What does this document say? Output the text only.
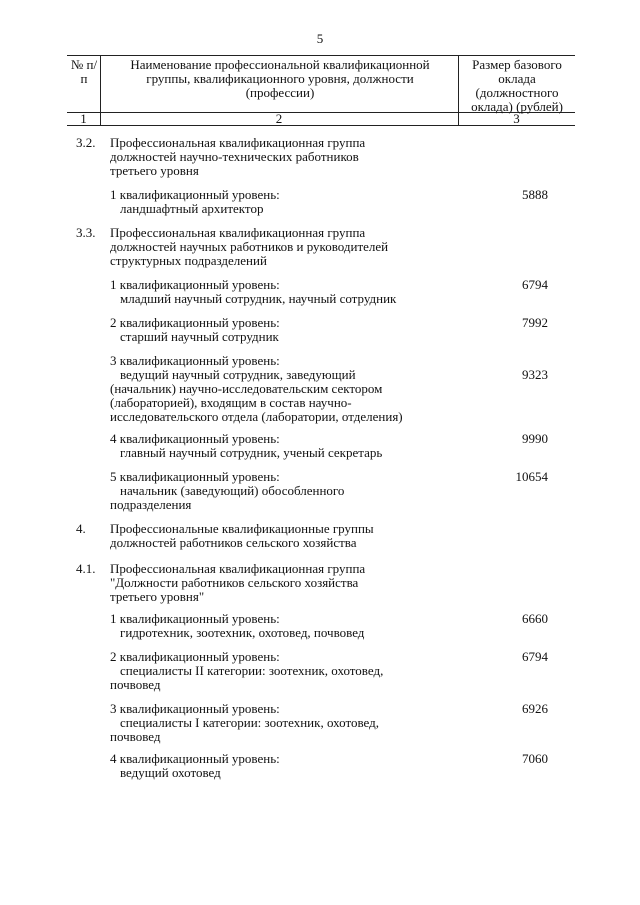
5
№ п/п
Наименование профессиональной квалификационной группы, квалификационного уровня, должности (профессии)
Размер базового оклада (должностного оклада) (рублей)
1	2	3
3.2. Профессиональная квалификационная группа
должностей научно-технических работников
третьего уровня
1 квалификационный уровень:
ландшафтный архитектор
5888
3.3. Профессиональная квалификационная группа
должностей научных работников и руководителей
структурных подразделений
1 квалификационный уровень:
младший научный сотрудник, научный сотрудник
6794
2 квалификационный уровень:
старший научный сотрудник
7992
3 квалификационный уровень:
ведущий научный сотрудник, заведующий
(начальник) научно-исследовательским сектором
(лабораторией), входящим в состав научно-
исследовательского отдела (лаборатории, отделения)
9323
4 квалификационный уровень:
главный научный сотрудник, ученый секретарь
9990
5 квалификационный уровень:
начальник (заведующий) обособленного
подразделения
10654
4. Профессиональные квалификационные группы
должностей работников сельского хозяйства
4.1. Профессиональная квалификационная группа
"Должности работников сельского хозяйства
третьего уровня"
1 квалификационный уровень:
гидротехник, зоотехник, охотовед, почвовед
6660
2 квалификационный уровень:
специалисты II категории: зоотехник, охотовед,
почвовед
6794
3 квалификационный уровень:
специалисты I категории: зоотехник, охотовед,
почвовед
6926
4 квалификационный уровень:
ведущий охотовед
7060
